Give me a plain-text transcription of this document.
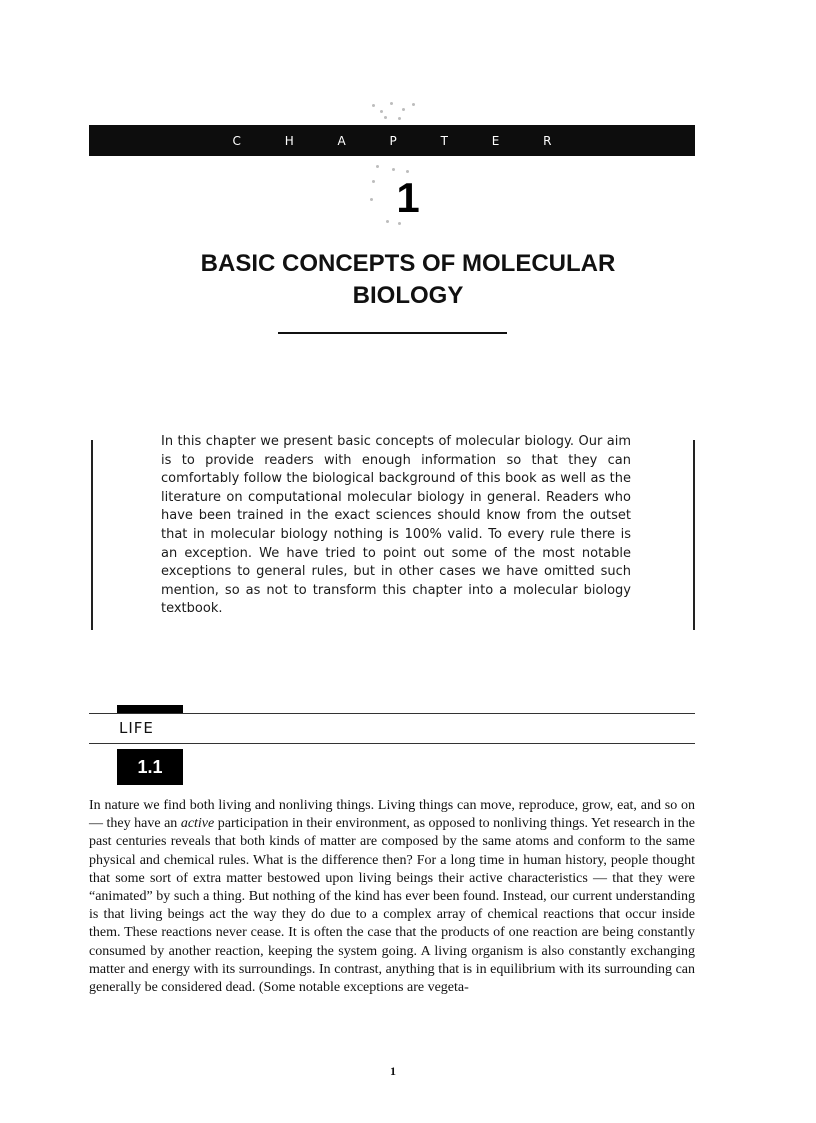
C H A P T E R
1
BASIC CONCEPTS OF MOLECULAR
BIOLOGY
In this chapter we present basic concepts of molecular biology. Our aim is to provide readers with enough information so that they can comfortably follow the biological background of this book as well as the literature on computational molecular biology in general. Readers who have been trained in the exact sciences should know from the outset that in molecular biology nothing is 100% valid. To every rule there is an exception. We have tried to point out some of the most notable exceptions to general rules, but in other cases we have omitted such mention, so as not to transform this chapter into a molecular biology textbook.
LIFE
1.1
In nature we find both living and nonliving things. Living things can move, reproduce, grow, eat, and so on — they have an active participation in their environment, as opposed to nonliving things. Yet research in the past centuries reveals that both kinds of matter are composed by the same atoms and conform to the same physical and chemical rules. What is the difference then? For a long time in human history, people thought that some sort of extra matter bestowed upon living beings their active characteristics — that they were “animated” by such a thing. But nothing of the kind has ever been found. Instead, our current understanding is that living beings act the way they do due to a complex array of chemical reactions that occur inside them. These reactions never cease. It is often the case that the products of one reaction are being constantly consumed by another reaction, keeping the system going. A living organism is also constantly exchanging matter and energy with its surroundings. In contrast, anything that is in equilibrium with its surrounding can generally be considered dead. (Some notable exceptions are vegeta-
1
